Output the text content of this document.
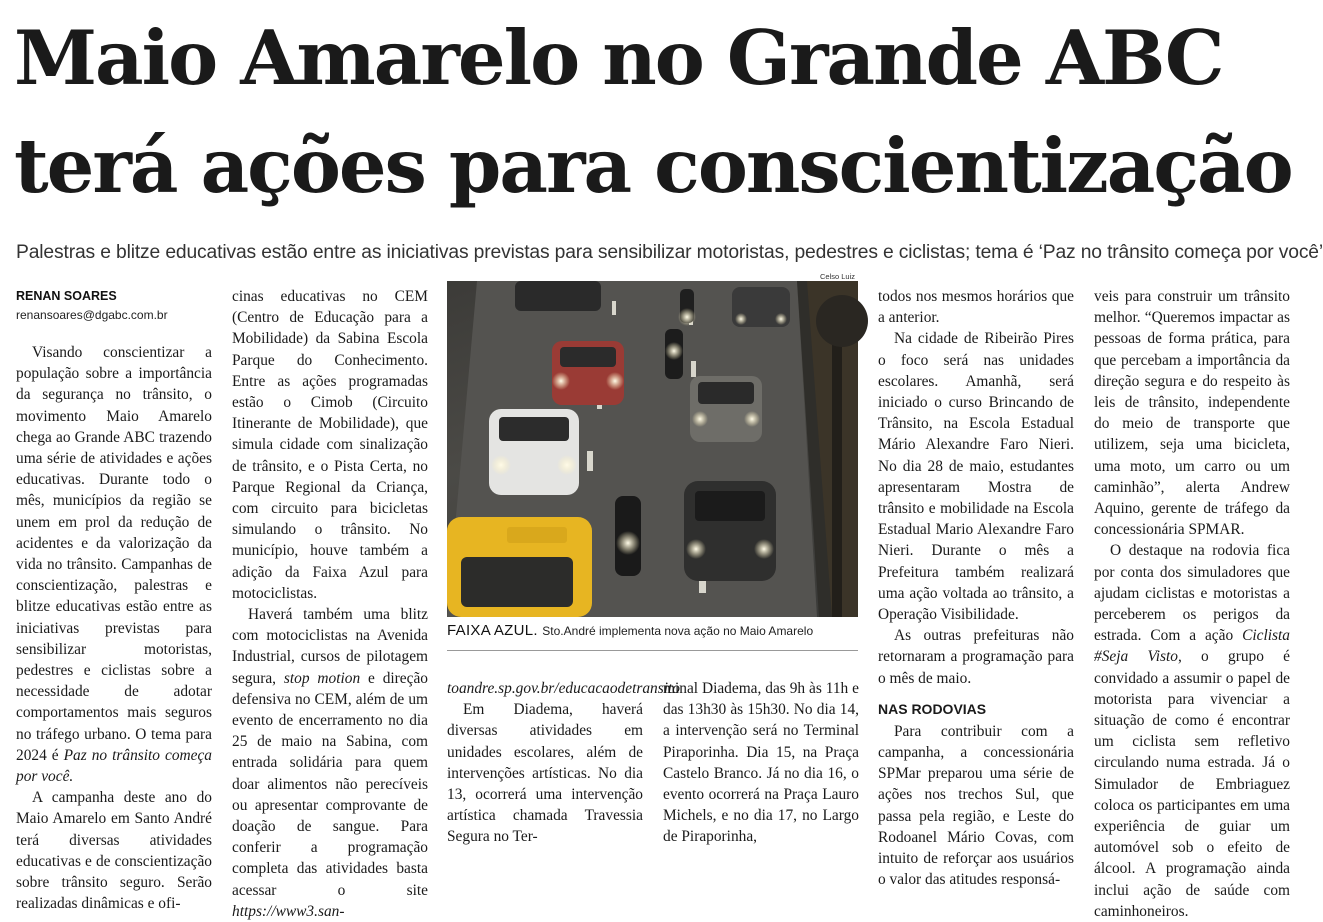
Maio Amarelo no Grande ABC
terá ações para conscientização
Palestras e blitze educativas estão entre as iniciativas previstas para sensibilizar motoristas, pedestres e ciclistas; tema é ‘Paz no trânsito começa por você’
RENAN SOARES
renansoares@dgabc.com.br

Visando conscientizar a população sobre a importância da segurança no trânsito, o movimento Maio Amarelo chega ao Grande ABC trazendo uma série de atividades e ações educativas. Durante todo o mês, municípios da região se unem em prol da redução de acidentes e da valorização da vida no trânsito. Campanhas de conscientização, palestras e blitze educativas estão entre as iniciativas previstas para sensibilizar motoristas, pedestres e ciclistas sobre a necessidade de adotar comportamentos mais seguros no tráfego urbano. O tema para 2024 é Paz no trânsito começa por você.

A campanha deste ano do Maio Amarelo em Santo André terá diversas atividades educativas e de conscientização sobre trânsito seguro. Serão realizadas dinâmicas e ofi-

cinas educativas no CEM (Centro de Educação para a Mobilidade) da Sabina Escola Parque do Conhecimento. Entre as ações programadas estão o Cimob (Circuito Itinerante de Mobilidade), que simula cidade com sinalização de trânsito, e o Pista Certa, no Parque Regional da Criança, com circuito para bicicletas simulando o trânsito. No município, houve também a adição da Faixa Azul para motociclistas.

Haverá também uma blitz com motociclistas na Avenida Industrial, cursos de pilotagem segura, stop motion e direção defensiva no CEM, além de um evento de encerramento no dia 25 de maio na Sabina, com entrada solidária para quem doar alimentos não perecíveis ou apresentar comprovante de doação de sangue. Para conferir a programação completa das atividades basta acessar o site https://www3.san-

Celso Luiz
FAIXA AZUL. Sto.André implementa nova ação no Maio Amarelo

toandre.sp.gov.br/educacaodetransito

Em Diadema, haverá diversas atividades em unidades escolares, além de intervenções artísticas. No dia 13, ocorrerá uma intervenção artística chamada Travessia Segura no Ter-

minal Diadema, das 9h às 11h e das 13h30 às 15h30. No dia 14, a intervenção será no Terminal Piraporinha. Dia 15, na Praça Castelo Branco. Já no dia 16, o evento ocorrerá na Praça Lauro Michels, e no dia 17, no Largo de Piraporinha,

todos nos mesmos horários que a anterior.

Na cidade de Ribeirão Pires o foco será nas unidades escolares. Amanhã, será iniciado o curso Brincando de Trânsito, na Escola Estadual Mário Alexandre Faro Nieri. No dia 28 de maio, estudantes apresentaram Mostra de trânsito e mobilidade na Escola Estadual Mario Alexandre Faro Nieri. Durante o mês a Prefeitura também realizará uma ação voltada ao trânsito, a Operação Visibilidade.

As outras prefeituras não retornaram a programação para o mês de maio.

NAS RODOVIAS

Para contribuir com a campanha, a concessionária SPMar preparou uma série de ações nos trechos Sul, que passa pela região, e Leste do Rodoanel Mário Covas, com intuito de reforçar aos usuários o valor das atitudes responsá-

veis para construir um trânsito melhor. “Queremos impactar as pessoas de forma prática, para que percebam a importância da direção segura e do respeito às leis de trânsito, independente do meio de transporte que utilizem, seja uma bicicleta, uma moto, um carro ou um caminhão”, alerta Andrew Aquino, gerente de tráfego da concessionária SPMAR.

O destaque na rodovia fica por conta dos simuladores que ajudam ciclistas e motoristas a perceberem os perigos da estrada. Com a ação Ciclista #Seja Visto, o grupo é convidado a assumir o papel de motorista para vivenciar a situação de como é encontrar um ciclista sem refletivo circulando numa estrada. Já o Simulador de Embriaguez coloca os participantes em uma experiência de guiar um automóvel sob o efeito de álcool. A programação ainda inclui ação de saúde com caminhoneiros.
